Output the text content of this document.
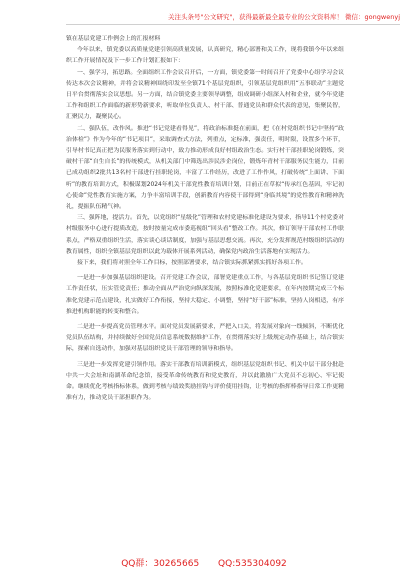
关注头条号"公文研究"，获得最新最全最专业的公文资料库！ 微信：gongwenyj

镇在基层党建工作例会上的汇报材料

今年以来，镇党委以高质量党建引领高质量发展，认真研究，精心部署和关工作，现将我镇今年以来组织工作开展情况及下一步工作计划汇报如下：

一、强学习，拓思路。全面组织工作会议召开后，一方面，镇党委第一时间召开了党委中心组学习会议传达本次会议精神，并将会议精神围绕印发至全镇71个基层党组织，引领基层党组织用“五事联动”主题党日平台贯彻落实会议思想。另一方面，结合镇党委主要领导调整，组成调研小组深入村和企业，就今年党建工作和组织工作面临的新形势新要求，听取单位负责人、村干部、普通党员和群众代表的意见，集聚民智，汇聚民力，凝聚民心。

二、强队伍，改作风。推进“书记党建看得见”，将政治标准挺在前面，把《在村党组织书记中坚持“政治体检”》作为今年的“书记项目”，采取调查式方法，列重点，定标准，强责任，明时限，设置多个环节，引导村书记真正把为民服务落实到行动中，致力推动形成良好村组政治生态。实行村干部挂职轮岗锻炼，突破村干部“自生自长”的传统模式，从机关部门中筛选出涉民涉企岗位，锻炼年青村干部服务民生能力，目前已成功组织2批共13名村干部进行挂职轮岗，丰富了工作经历，改进了工作作风，打破传统“上面讲、下面听”的教育培训方式，积极谋划2024年机关干部党性教育培训计划，目前正在草拟“传承红色基因，牢记初心使命”党性教育实施方案，力争丰富培训手段，创新教育内容使干部得到“身临其境”的党性教育和精神洗礼，提振队伍精气神。

三、强阵地，提活力。首先，以党组织“星级化”管理和农村党建标准化建设为要求，指导11个村党委对村级服务中心进行提质改造，按时按量完成市委巡视组“回头看”整改工作。其次，修订领导干部农村工作联系点，严格双重组织生活，落实谈心谈话制度，加强与基层思想交流。再次，充分发挥规范村级组织活动的教育属性，组织全镇基层党组织以此为载体开展系列活动，确保党内政治生活落地有实现活力。

接下来，我们将对照全年工作目标，按照部署要求，结合镇实际抓紧抓实抓好各项工作。

一是进一步加强基层组织建设。召开党建工作会议，部署党建重点工作，与各基层党组织书记签订党建工作责任状，压实管党责任；推动全面从严治党向纵深发展，按照标准化党建要求，在年内按期完成三个标准化党建示范点建设，扎实做好工作衔接，坚持大稳定、小调整，坚持“好干部”标准，坚持人岗相适，有序推进机构职能的转变和整合。

二是进一步提高党员管理水平。面对党员发展新要求，严把入口关，将发展对象向一线倾斜，不断优化党员队伍结构，并持续做好全国党员信息系统数据维护工作，在贯彻落实好上级规定动作基础上，结合镇实际，探索自选动作，加强对基层组织党员干部管理的领导和指导。

三是进一步发挥党建引领作用。落实干部教育培训新模式，组织基层党组织书记、机关中层干部分批赴中共一大会址和南湖革命纪念馆，接受革命传统教育和党史教育，并以此激励广大党员不忘初心、牢记使命。继续优化考核指标体系，做到考核与绩效奖励挂钩与评价使用挂钩，让考核的指挥棒指导日常工作更精准有力，推动党员干部担职作为。

QQ群：30265665 QQ:535304092
